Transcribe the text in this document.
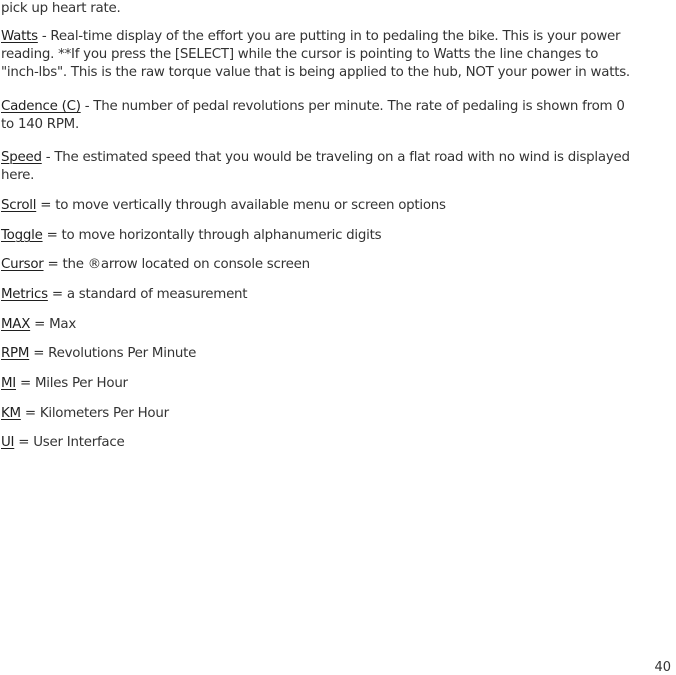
pick up heart rate.
Watts - Real-time display of the effort you are putting in to pedaling the bike. This is your power
reading. **If you press the [SELECT] while the cursor is pointing to Watts the line changes to
"inch-lbs". This is the raw torque value that is being applied to the hub, NOT your power in watts.
Cadence (C) - The number of pedal revolutions per minute. The rate of pedaling is shown from 0
to 140 RPM.
Speed - The estimated speed that you would be traveling on a flat road with no wind is displayed
here.
Scroll = to move vertically through available menu or screen options
Toggle = to move horizontally through alphanumeric digits
Cursor = the ®arrow located on console screen
Metrics = a standard of measurement
MAX = Max
RPM = Revolutions Per Minute
MI = Miles Per Hour
KM = Kilometers Per Hour
UI = User Interface
40
